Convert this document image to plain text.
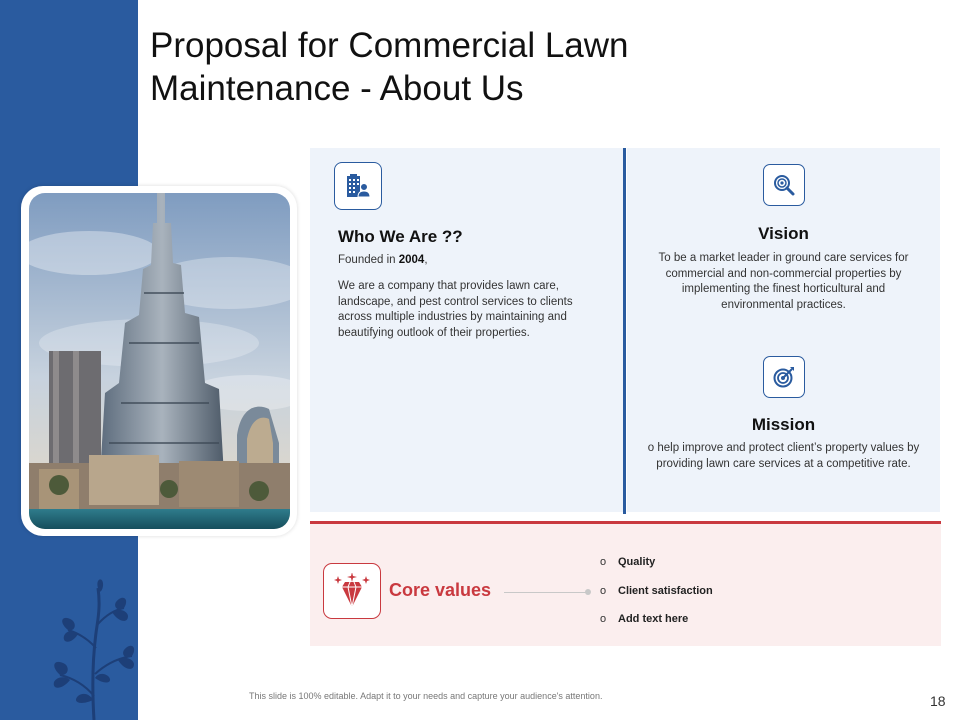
Proposal for Commercial Lawn Maintenance - About Us
Who We Are ??

Founded in 2004,

We are a company that provides lawn care, landscape, and pest control services to clients across multiple industries by maintaining and beautifying outlook of their properties.

Vision

To be a market leader in ground care services for commercial and non-commercial properties by implementing the finest horticultural and environmental practices.

Mission

o help improve and protect client’s property values by providing lawn care services at a competitive rate.

Core values

o	Quality
o	Client satisfaction
o	Add text here

This slide is 100% editable. Adapt it to your needs and capture your audience's attention.	18
